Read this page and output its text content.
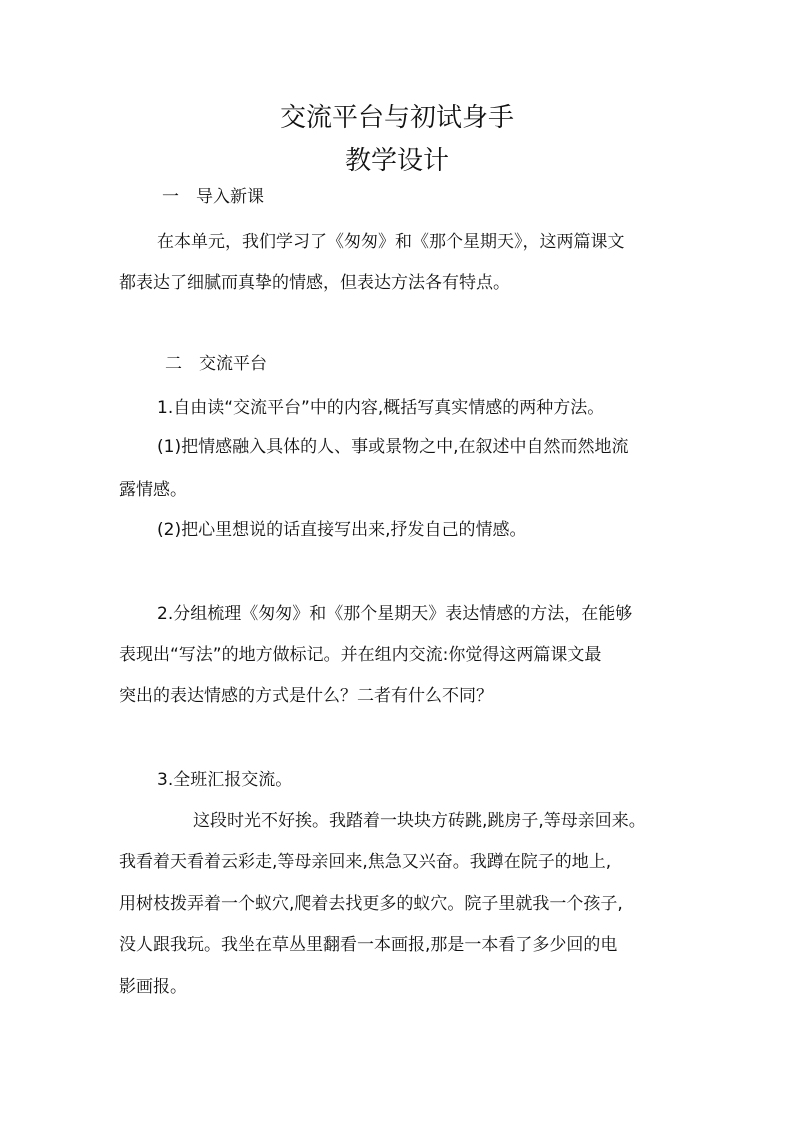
交流平台与初试身手
教学设计
一　导入新课
在本单元，我们学习了《匆匆》和《那个星期天》，这两篇课文
都表达了细腻而真挚的情感，但表达方法各有特点。
二　交流平台
1.自由读“交流平台”中的内容,概括写真实情感的两种方法。
(1)把情感融入具体的人、事或景物之中,在叙述中自然而然地流
露情感。
(2)把心里想说的话直接写出来,抒发自己的情感。
2.分组梳理《匆匆》和《那个星期天》表达情感的方法，在能够
表现出“写法”的地方做标记。并在组内交流:你觉得这两篇课文最
突出的表达情感的方式是什么？二者有什么不同？
3.全班汇报交流。
这段时光不好挨。我踏着一块块方砖跳,跳房子,等母亲回来。
我看着天看着云彩走,等母亲回来,焦急又兴奋。我蹲在院子的地上,
用树枝拨弄着一个蚁穴,爬着去找更多的蚁穴。院子里就我一个孩子,
没人跟我玩。我坐在草丛里翻看一本画报,那是一本看了多少回的电
影画报。
